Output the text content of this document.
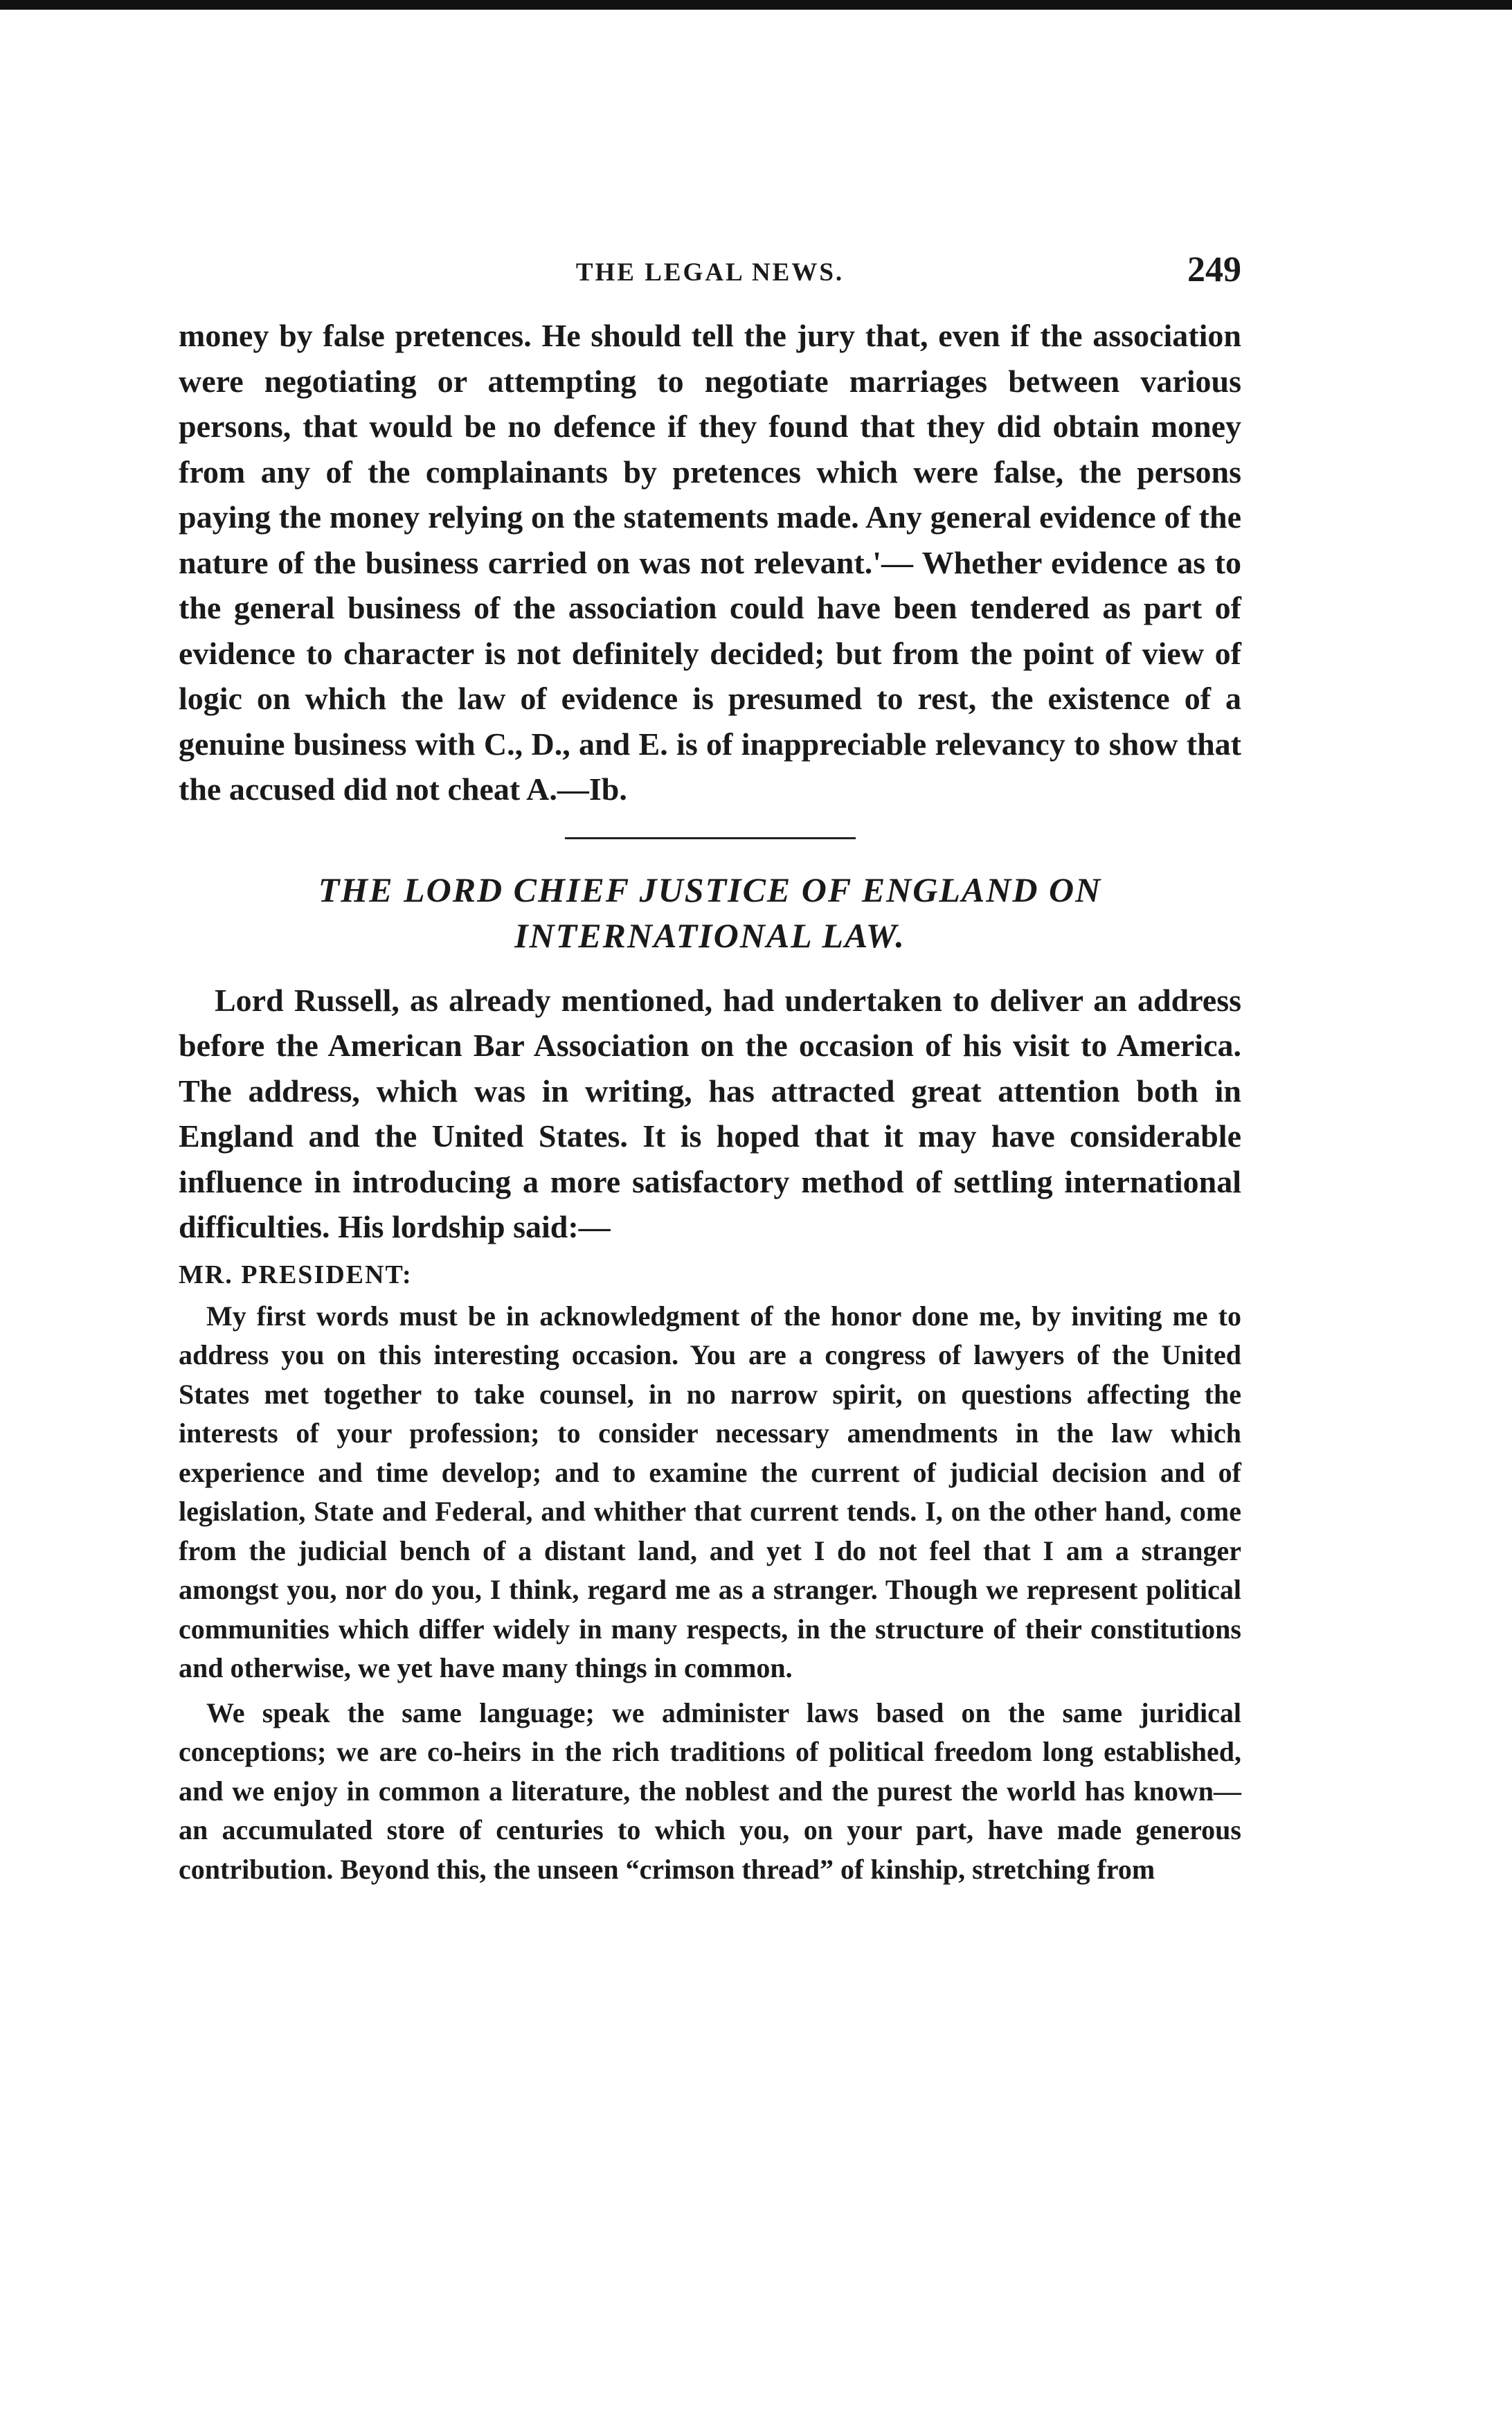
THE LEGAL NEWS.	249

money by false pretences. He should tell the jury that, even if the association were negotiating or attempting to negotiate marriages between various persons, that would be no defence if they found that they did obtain money from any of the complainants by pretences which were false, the persons paying the money relying on the statements made. Any general evidence of the nature of the business carried on was not relevant.'— Whether evidence as to the general business of the association could have been tendered as part of evidence to character is not definitely decided; but from the point of view of logic on which the law of evidence is presumed to rest, the existence of a genuine business with C., D., and E. is of inappreciable relevancy to show that the accused did not cheat A.—Ib.

THE LORD CHIEF JUSTICE OF ENGLAND ON
INTERNATIONAL LAW.

Lord Russell, as already mentioned, had undertaken to deliver an address before the American Bar Association on the occasion of his visit to America. The address, which was in writing, has attracted great attention both in England and the United States. It is hoped that it may have considerable influence in introducing a more satisfactory method of settling international difficulties. His lordship said:—

MR. PRESIDENT:

My first words must be in acknowledgment of the honor done me, by inviting me to address you on this interesting occasion. You are a congress of lawyers of the United States met together to take counsel, in no narrow spirit, on questions affecting the interests of your profession; to consider necessary amendments in the law which experience and time develop; and to examine the current of judicial decision and of legislation, State and Federal, and whither that current tends. I, on the other hand, come from the judicial bench of a distant land, and yet I do not feel that I am a stranger amongst you, nor do you, I think, regard me as a stranger. Though we represent political communities which differ widely in many respects, in the structure of their constitutions and otherwise, we yet have many things in common.

We speak the same language; we administer laws based on the same juridical conceptions; we are co-heirs in the rich traditions of political freedom long established, and we enjoy in common a literature, the noblest and the purest the world has known—an accumulated store of centuries to which you, on your part, have made generous contribution. Beyond this, the unseen “crimson thread” of kinship, stretching from
